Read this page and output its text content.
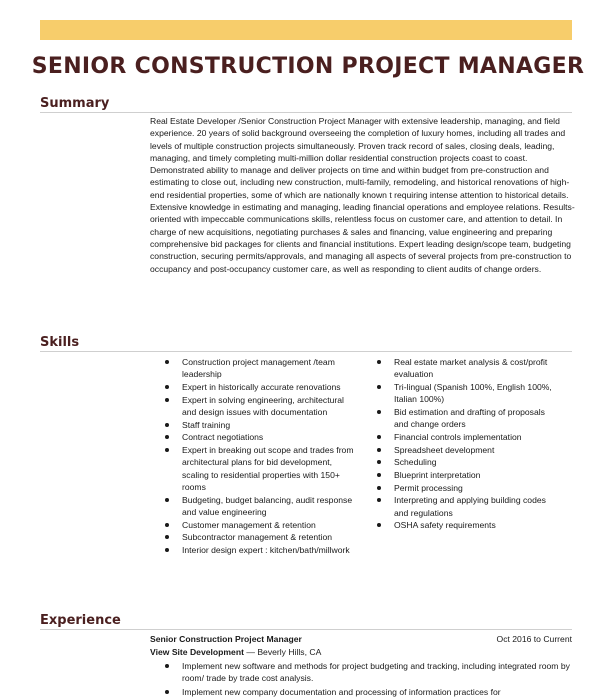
SENIOR CONSTRUCTION PROJECT MANAGER
Summary

Real Estate Developer /Senior Construction Project Manager with extensive leadership, managing, and field experience. 20 years of solid background overseeing the completion of luxury homes, including all trades and levels of multiple construction projects simultaneously. Proven track record of sales, closing deals, leading, managing, and timely completing multi-million dollar residential construction projects coast to coast. Demonstrated ability to manage and deliver projects on time and within budget from pre-construction and estimating to close out, including new construction, multi-family, remodeling, and historical renovations of high-end residential properties, some of which are nationally known t requiring intense attention to historical details. Extensive knowledge in estimating and managing, leading financial operations and employee relations. Results-oriented with impeccable communications skills, relentless focus on customer care, and attention to detail. In charge of new acquisitions, negotiating purchases & sales and financing, value engineering and preparing comprehensive bid packages for clients and financial institutions. Expert leading design/scope team, budgeting construction, securing permits/approvals, and managing all aspects of several projects from pre-construction to occupancy and post-occupancy customer care, as well as responding to client audits of change orders.

Skills
Construction project management /team leadership
Expert in historically accurate renovations
Expert in solving engineering, architectural and design issues with documentation
Staff training
Contract negotiations
Expert in breaking out scope and trades from architectural plans for bid development, scaling to residential properties with 150+ rooms
Budgeting, budget balancing, audit response and value engineering
Customer management & retention
Subcontractor management & retention
Interior design expert : kitchen/bath/millwork
Real estate market analysis & cost/profit evaluation
Tri-lingual (Spanish 100%, English 100%, Italian 100%)
Bid estimation and drafting of proposals and change orders
Financial controls implementation
Spreadsheet development
Scheduling
Blueprint interpretation
Permit processing
Interpreting and applying building codes and regulations
OSHA safety requirements
Experience
Senior Construction Project Manager	Oct 2016 to Current
View Site Development — Beverly Hills, CA
Implement new software and methods for project budgeting and tracking, including integrated room by room/ trade by trade cost analysis.
Implement new company documentation and processing of information practices for
